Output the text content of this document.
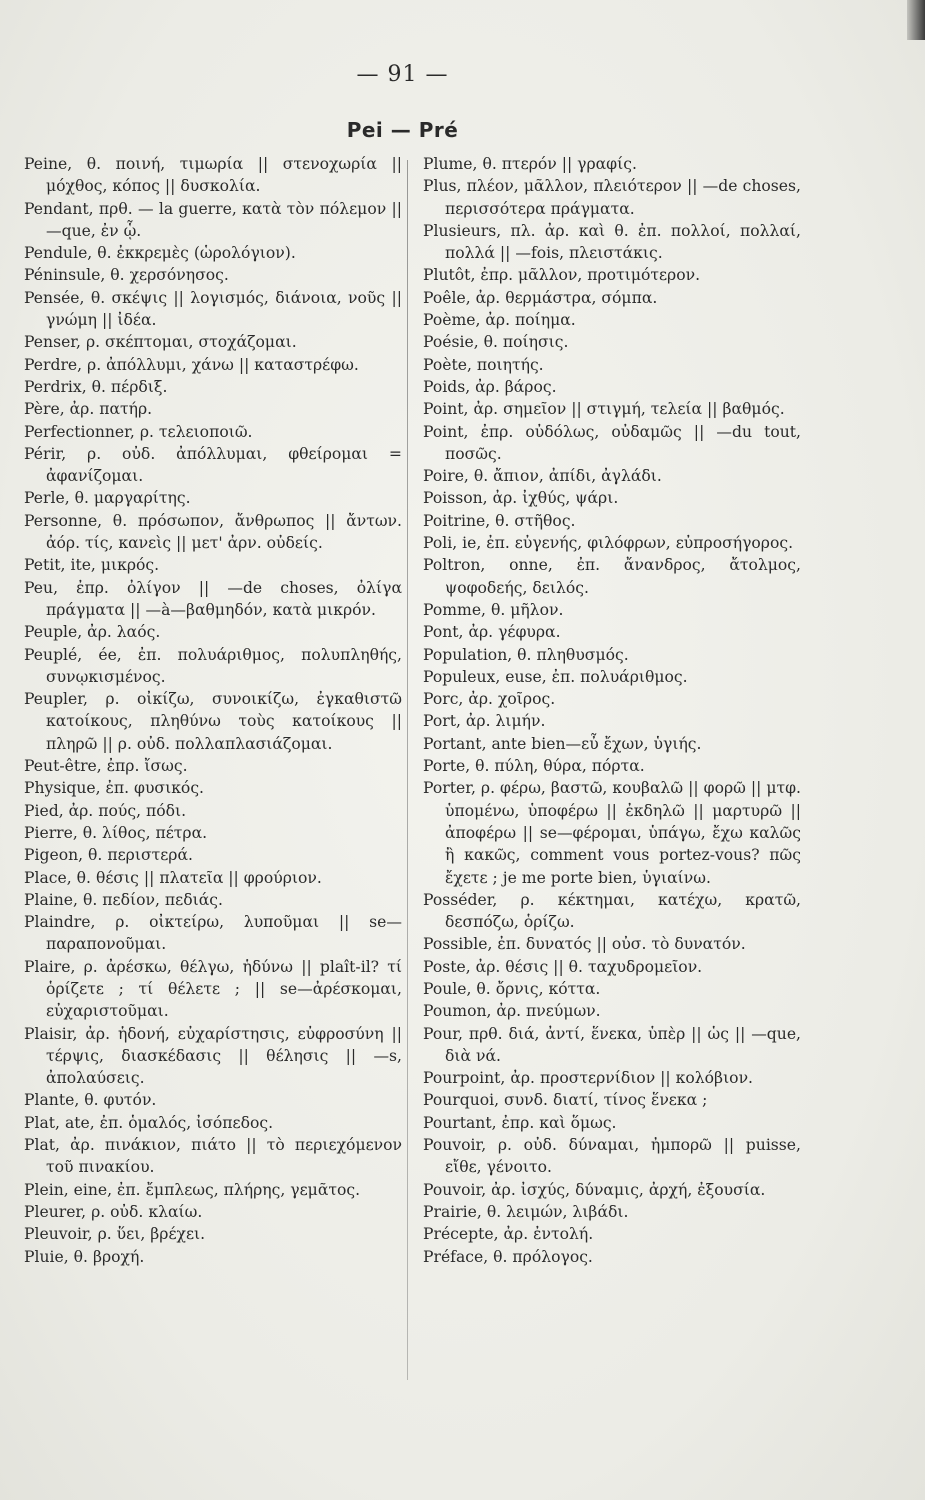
— 91 —
Pei — Pré

Peine, θ. ποινή, τιμωρία || στενοχωρία || μόχθος, κόπος || δυσκολία.

Pendant, πρθ. — la guerre, κατὰ τὸν πόλεμον || —que, ἐν ᾧ.

Pendule, θ. ἐκκρεμὲς (ὡρολόγιον).

Péninsule, θ. χερσόνησος.

Pensée, θ. σκέψις || λογισμός, διάνοια, νοῦς || γνώμη || ἰδέα.

Penser, ρ. σκέπτομαι, στοχάζομαι.

Perdre, ρ. ἀπόλλυμι, χάνω || καταστρέφω.

Perdrix, θ. πέρδιξ.

Père, ἀρ. πατήρ.

Perfectionner, ρ. τελειοποιῶ.

Périr, ρ. οὐδ. ἀπόλλυμαι, φθείρομαι = ἀφανίζομαι.

Perle, θ. μαργαρίτης.

Personne, θ. πρόσωπον, ἄνθρωπος || ἄντων. ἀόρ. τίς, κανεὶς || μετ' ἀρν. οὐδείς.

Petit, ite, μικρός.

Peu, ἐπρ. ὀλίγον || —de choses, ὀλίγα πράγματα || —à—βαθμηδόν, κατὰ μικρόν.

Peuple, ἀρ. λαός.

Peuplé, ée, ἐπ. πολυάριθμος, πολυπληθής, συνῳκισμένος.

Peupler, ρ. οἰκίζω, συνοικίζω, ἐγκαθιστῶ κατοίκους, πληθύνω τοὺς κατοίκους || πληρῶ || ρ. οὐδ. πολλαπλασιάζομαι.

Peut-être, ἐπρ. ἴσως.

Physique, ἐπ. φυσικός.

Pied, ἀρ. πούς, πόδι.

Pierre, θ. λίθος, πέτρα.

Pigeon, θ. περιστερά.

Place, θ. θέσις || πλατεῖα || φρούριον.

Plaine, θ. πεδίον, πεδιάς.

Plaindre, ρ. οἰκτείρω, λυποῦμαι || se—παραπονοῦμαι.

Plaire, ρ. ἀρέσκω, θέλγω, ἡδύνω || plaît-il? τί ὁρίζετε ; τί θέλετε ; || se—ἀρέσκομαι, εὐχαριστοῦμαι.

Plaisir, ἀρ. ἡδονή, εὐχαρίστησις, εὐφροσύνη || τέρψις, διασκέδασις || θέλησις || —s, ἀπολαύσεις.

Plante, θ. φυτόν.

Plat, ate, ἐπ. ὁμαλός, ἰσόπεδος.

Plat, ἀρ. πινάκιον, πιάτο || τὸ περιεχόμενον τοῦ πινακίου.

Plein, eine, ἐπ. ἔμπλεως, πλήρης, γεμᾶτος.

Pleurer, ρ. οὐδ. κλαίω.

Pleuvoir, ρ. ὕει, βρέχει.

Pluie, θ. βροχή.

Plume, θ. πτερόν || γραφίς.

Plus, πλέον, μᾶλλον, πλειότερον || —de choses, περισσότερα πράγματα.

Plusieurs, πλ. ἀρ. καὶ θ. ἐπ. πολλοί, πολλαί, πολλά || —fois, πλειστάκις.

Plutôt, ἐπρ. μᾶλλον, προτιμότερον.

Poêle, ἀρ. θερμάστρα, σόμπα.

Poème, ἀρ. ποίημα.

Poésie, θ. ποίησις.

Poète, ποιητής.

Poids, ἀρ. βάρος.

Point, ἀρ. σημεῖον || στιγμή, τελεία || βαθμός.

Point, ἐπρ. οὐδόλως, οὐδαμῶς || —du tout, ποσῶς.

Poire, θ. ἄπιον, ἀπίδι, ἀγλάδι.

Poisson, ἀρ. ἰχθύς, ψάρι.

Poitrine, θ. στῆθος.

Poli, ie, ἐπ. εὐγενής, φιλόφρων, εὐπροσήγορος.

Poltron, onne, ἐπ. ἄνανδρος, ἄτολμος, ψοφοδεής, δειλός.

Pomme, θ. μῆλον.

Pont, ἀρ. γέφυρα.

Population, θ. πληθυσμός.

Populeux, euse, ἐπ. πολυάριθμος.

Porc, ἀρ. χοῖρος.

Port, ἀρ. λιμήν.

Portant, ante bien—εὖ ἔχων, ὑγιής.

Porte, θ. πύλη, θύρα, πόρτα.

Porter, ρ. φέρω, βαστῶ, κουβαλῶ || φορῶ || μτφ. ὑπομένω, ὑποφέρω || ἐκδηλῶ || μαρτυρῶ || ἀποφέρω || se—φέρομαι, ὑπάγω, ἔχω καλῶς ἢ κακῶς, comment vous portez-vous? πῶς ἔχετε ; je me porte bien, ὑγιαίνω.

Posséder, ρ. κέκτημαι, κατέχω, κρατῶ, δεσπόζω, ὁρίζω.

Possible, ἐπ. δυνατός || οὐσ. τὸ δυνατόν.

Poste, ἀρ. θέσις || θ. ταχυδρομεῖον.

Poule, θ. ὄρνις, κόττα.

Poumon, ἀρ. πνεύμων.

Pour, πρθ. διά, ἀντί, ἕνεκα, ὑπὲρ || ὡς || —que, διὰ νά.

Pourpoint, ἀρ. προστερνίδιον || κολόβιον.

Pourquoi, συνδ. διατί, τίνος ἕνεκα ;

Pourtant, ἐπρ. καὶ ὅμως.

Pouvoir, ρ. οὐδ. δύναμαι, ἠμπορῶ || puisse, εἴθε, γένοιτο.

Pouvoir, ἀρ. ἰσχύς, δύναμις, ἀρχή, ἐξουσία.

Prairie, θ. λειμών, λιβάδι.

Précepte, ἀρ. ἐντολή.

Préface, θ. πρόλογος.
